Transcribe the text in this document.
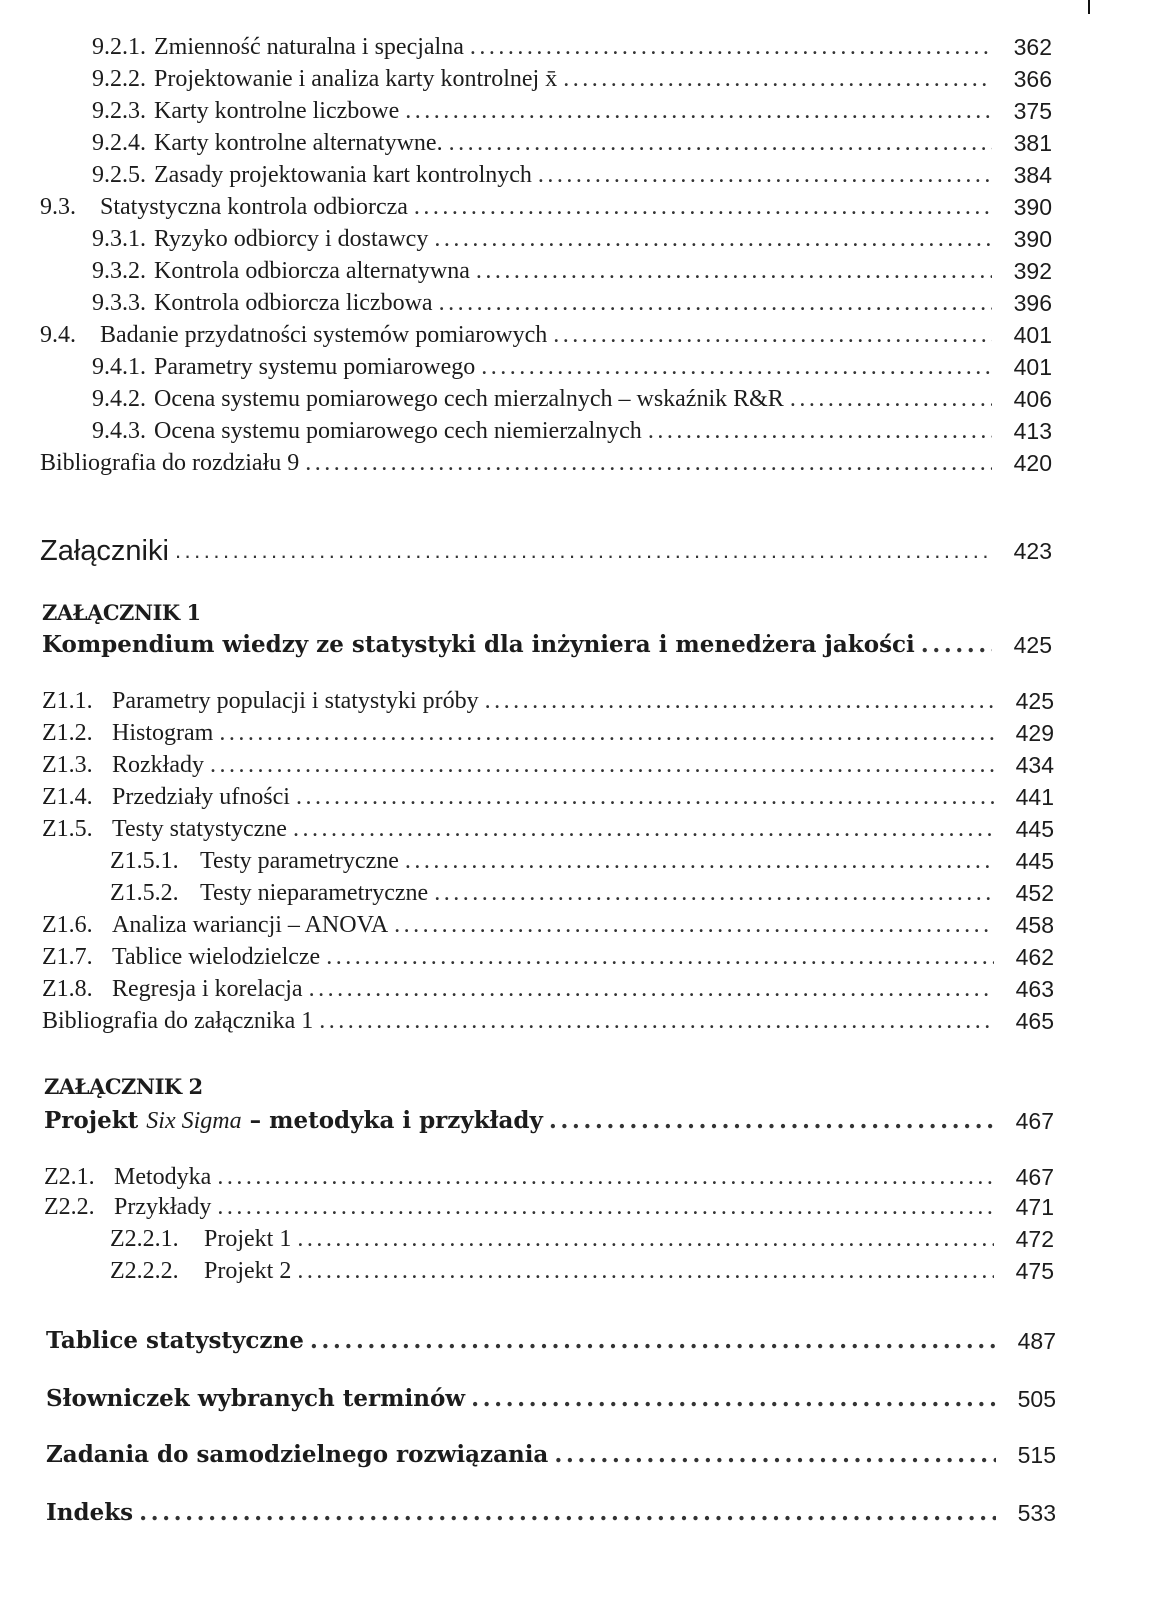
9.2.1. Zmienność naturalna i specjalna .....	362
9.2.2. Projektowanie i analiza karty kontrolnej x̄ .....	366
9.2.3. Karty kontrolne liczbowe .....	375
9.2.4. Karty kontrolne alternatywne. .....	381
9.2.5. Zasady projektowania kart kontrolnych .....	384
9.3.	Statystyczna kontrola odbiorcza .....	390
9.3.1. Ryzyko odbiorcy i dostawcy .....	390
9.3.2. Kontrola odbiorcza alternatywna .....	392
9.3.3. Kontrola odbiorcza liczbowa .....	396
9.4.	Badanie przydatności systemów pomiarowych .....	401
9.4.1. Parametry systemu pomiarowego .....	401
9.4.2. Ocena systemu pomiarowego cech mierzalnych – wskaźnik R&R .....	406
9.4.3. Ocena systemu pomiarowego cech niemierzalnych .....	413
Bibliografia do rozdziału 9 .....	420
Załączniki .....	423
ZAŁĄCZNIK 1
Kompendium wiedzy ze statystyki dla inżyniera i menedżera jakości .....	425
Z1.1. Parametry populacji i statystyki próby .....	425
Z1.2. Histogram .....	429
Z1.3. Rozkłady .....	434
Z1.4. Przedziały ufności .....	441
Z1.5. Testy statystyczne .....	445
Z1.5.1. Testy parametryczne .....	445
Z1.5.2. Testy nieparametryczne .....	452
Z1.6. Analiza wariancji – ANOVA .....	458
Z1.7. Tablice wielodzielcze .....	462
Z1.8. Regresja i korelacja .....	463
Bibliografia do załącznika 1 .....	465
ZAŁĄCZNIK 2
Projekt Six Sigma – metodyka i przykłady .....	467
Z2.1. Metodyka .....	467
Z2.2. Przykłady .....	471
Z2.2.1.	Projekt 1 .....	472
Z2.2.2.	Projekt 2 .....	475
Tablice statystyczne .....	487
Słowniczek wybranych terminów .....	505
Zadania do samodzielnego rozwiązania .....	515
Indeks .....	533
